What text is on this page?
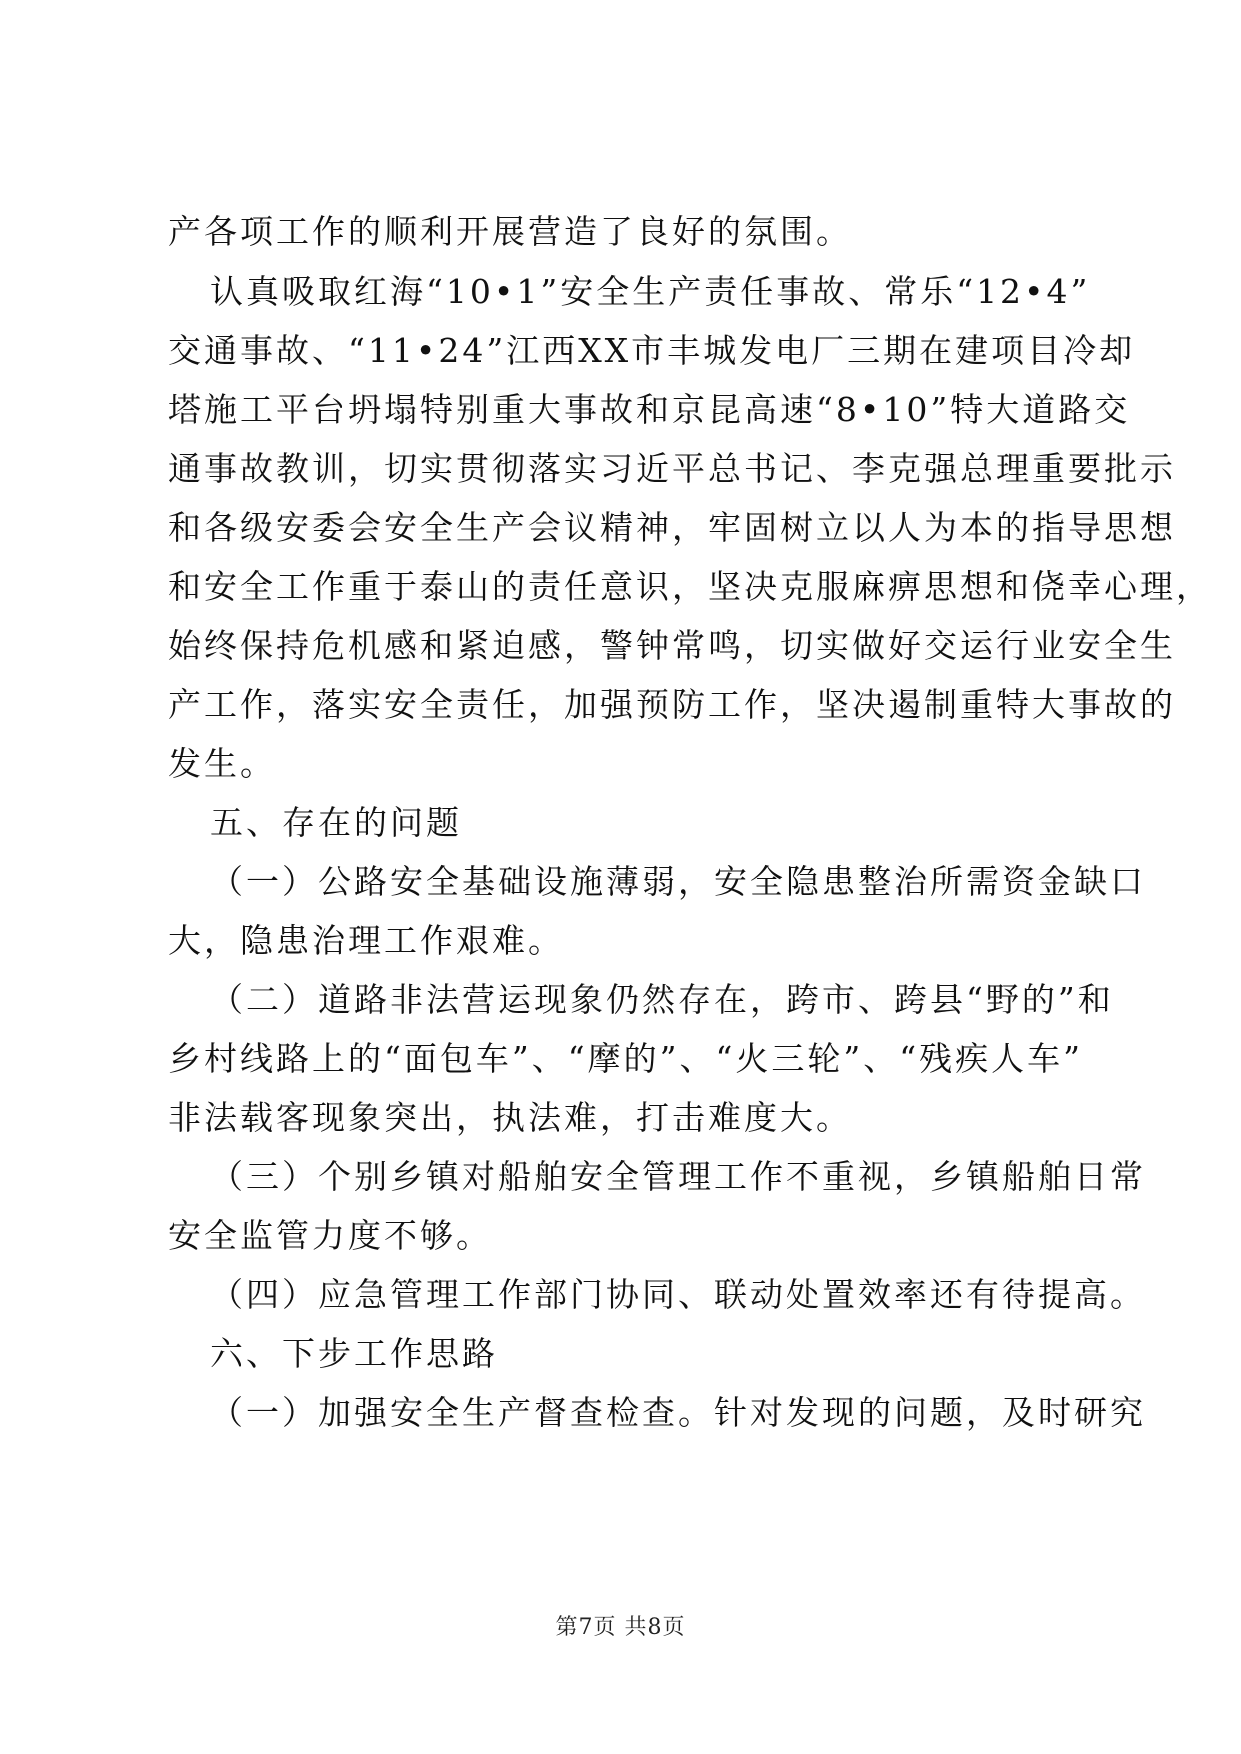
产各项工作的顺利开展营造了良好的氛围。
认真吸取红海“10•1”安全生产责任事故、常乐“12•4”
交通事故、“11•24”江西XX市丰城发电厂三期在建项目冷却
塔施工平台坍塌特别重大事故和京昆高速“8•10”特大道路交
通事故教训，切实贯彻落实习近平总书记、李克强总理重要批示
和各级安委会安全生产会议精神，牢固树立以人为本的指导思想
和安全工作重于泰山的责任意识，坚决克服麻痹思想和侥幸心理，
始终保持危机感和紧迫感，警钟常鸣，切实做好交运行业安全生
产工作，落实安全责任，加强预防工作，坚决遏制重特大事故的
发生。
五、存在的问题
（一）公路安全基础设施薄弱，安全隐患整治所需资金缺口
大，隐患治理工作艰难。
（二）道路非法营运现象仍然存在，跨市、跨县“野的”和
乡村线路上的“面包车”、“摩的”、“火三轮”、“残疾人车”
非法载客现象突出，执法难，打击难度大。
（三）个别乡镇对船舶安全管理工作不重视，乡镇船舶日常
安全监管力度不够。
（四）应急管理工作部门协同、联动处置效率还有待提高。
六、下步工作思路
（一）加强安全生产督查检查。针对发现的问题，及时研究
第7页 共8页
